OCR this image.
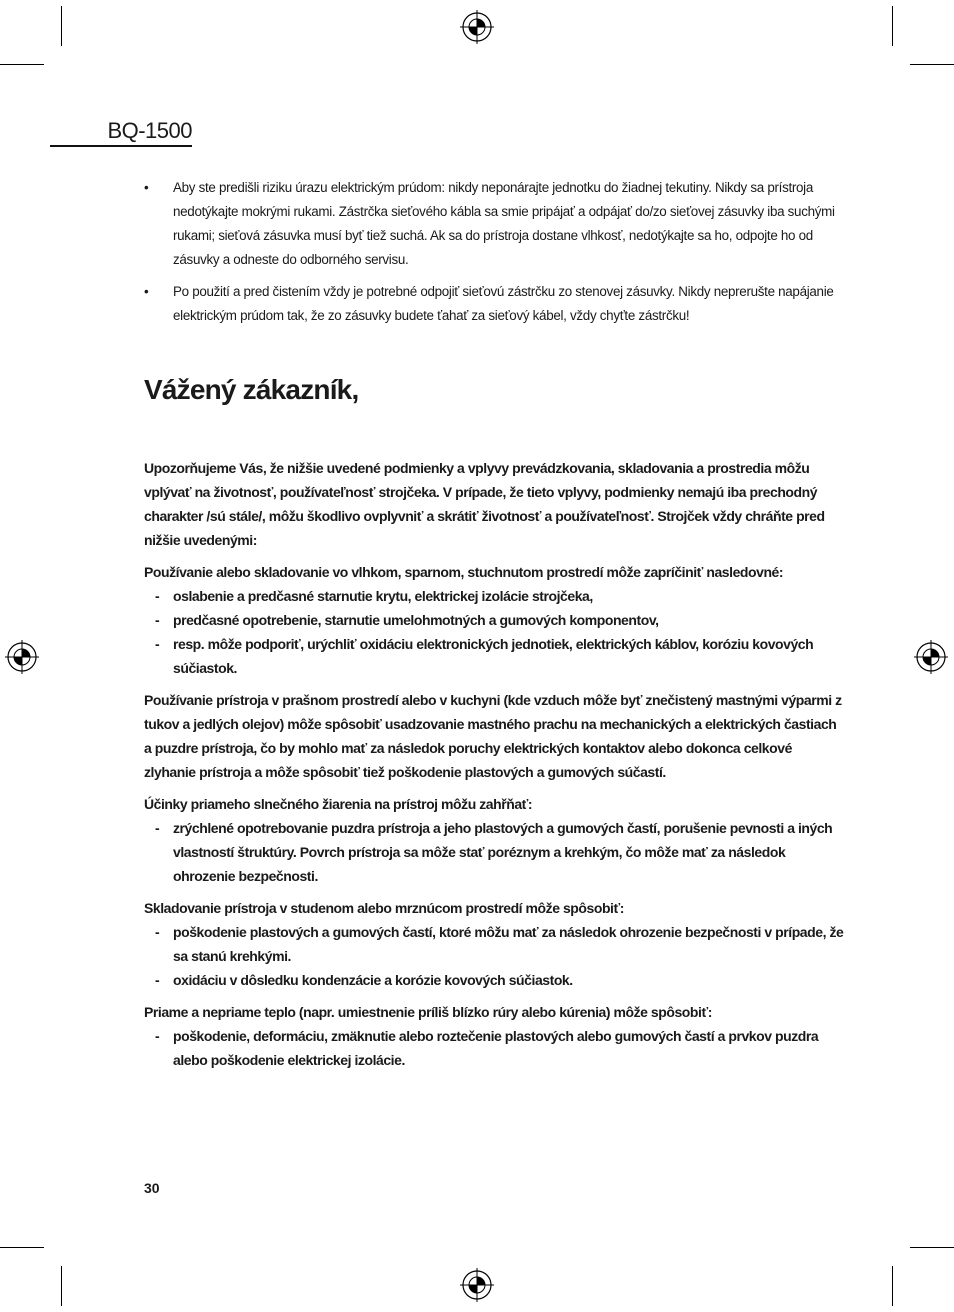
BQ-1500
• Aby ste predišli riziku úrazu elektrickým prúdom: nikdy neponárajte jednotku do žiadnej tekutiny. Nikdy sa prístroja nedotýkajte mokrými rukami. Zástrčka sieťového kábla sa smie pripájať a odpájať do/zo sieťovej zásuvky iba suchými rukami; sieťová zásuvka musí byť tiež suchá. Ak sa do prístroja dostane vlhkosť, nedotýkajte sa ho, odpojte ho od zásuvky a odneste do odborného servisu.
• Po použití a pred čistením vždy je potrebné odpojiť sieťovú zástrčku zo stenovej zásuvky. Nikdy neprerušte napájanie elektrickým prúdom tak, že zo zásuvky budete ťahať za sieťový kábel, vždy chyťte zástrčku!
Vážený zákazník,

Upozorňujeme Vás, že nižšie uvedené podmienky a vplyvy prevádzkovania, skladovania a prostredia môžu vplývať na životnosť, používateľnosť strojčeka. V prípade, že tieto vplyvy, podmienky nemajú iba prechodný charakter /sú stále/, môžu škodlivo ovplyvniť a skrátiť životnosť a používateľnosť. Strojček vždy chráňte pred nižšie uvedenými:

Používanie alebo skladovanie vo vlhkom, sparnom, stuchnutom prostredí môže zapríčiniť nasledovné:

- oslabenie a predčasné starnutie krytu, elektrickej izolácie strojčeka,
- predčasné opotrebenie, starnutie umelohmotných a gumových komponentov,
- resp. môže podporiť, urýchliť oxidáciu elektronických jednotiek, elektrických káblov, koróziu kovových súčiastok.

Používanie prístroja v prašnom prostredí alebo v kuchyni (kde vzduch môže byť znečistený mastnými výparmi z tukov a jedlých olejov) môže spôsobiť usadzovanie mastného prachu na mechanických a elektrických častiach a puzdre prístroja, čo by mohlo mať za následok poruchy elektrických kontaktov alebo dokonca celkové zlyhanie prístroja a môže spôsobiť tiež poškodenie plastových a gumových súčastí.

Účinky priameho slnečného žiarenia na prístroj môžu zahřňať:

- zrýchlené opotrebovanie puzdra prístroja a jeho plastových a gumových častí, porušenie pevnosti a iných vlastností štruktúry. Povrch prístroja sa môže stať poréznym a krehkým, čo môže mať za následok ohrozenie bezpečnosti.

Skladovanie prístroja v studenom alebo mrznúcom prostredí môže spôsobiť:

- poškodenie plastových a gumových častí, ktoré môžu mať za následok ohrozenie bezpečnosti v prípade, že sa stanú krehkými.
- oxidáciu v dôsledku kondenzácie a korózie kovových súčiastok.

Priame a nepriame teplo (napr. umiestnenie príliš blízko rúry alebo kúrenia) môže spôsobiť:

- poškodenie, deformáciu, zmäknutie alebo roztečenie plastových alebo gumových častí a prvkov puzdra alebo poškodenie elektrickej izolácie.
30
